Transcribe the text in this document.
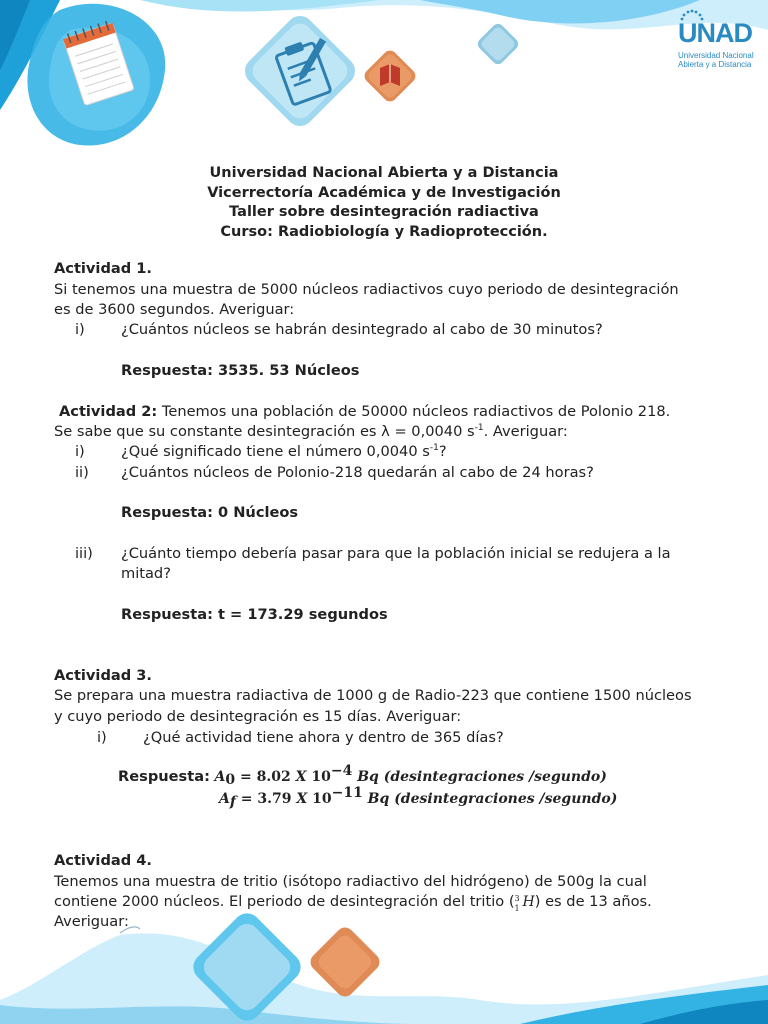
UNAD
Universidad Nacional
Abierta y a Distancia
Universidad Nacional Abierta y a Distancia
Vicerrectoría Académica y de Investigación
Taller sobre desintegración radiactiva
Curso: Radiobiología y Radioprotección.
Actividad 1.
Si tenemos una muestra de 5000 núcleos radiactivos cuyo periodo de desintegración
es de 3600 segundos. Averiguar:
i) ¿Cuántos núcleos se habrán desintegrado al cabo de 30 minutos?
Respuesta: 3535. 53 Núcleos
Actividad 2: Tenemos una población de 50000 núcleos radiactivos de Polonio 218.
Se sabe que su constante desintegración es λ = 0,0040 $s^{-1}$. Averiguar:
i) ¿Qué significado tiene el número 0,0040 $s^{-1}$?
ii) ¿Cuántos núcleos de Polonio-218 quedarán al cabo de 24 horas?
Respuesta: 0 Núcleos
iii) ¿Cuánto tiempo debería pasar para que la población inicial se redujera a la
mitad?
Respuesta: t = 173.29 segundos
Actividad 3.
Se prepara una muestra radiactiva de 1000 g de Radio-223 que contiene 1500 núcleos
y cuyo periodo de desintegración es 15 días. Averiguar:
i) ¿Qué actividad tiene ahora y dentro de 365 días?
Respuesta: $A_0 = 8.02$ X $10^{-4}$ Bq (desintegraciones /segundo)
$A_f = 3.79$ X $10^{-11}$ Bq (desintegraciones /segundo)
Actividad 4.
Tenemos una muestra de tritio (isótopo radiactivo del hidrógeno) de 500g la cual
contiene 2000 núcleos. El periodo de desintegración del tritio ( 3
1 H) es de 13 años.
Averiguar:
